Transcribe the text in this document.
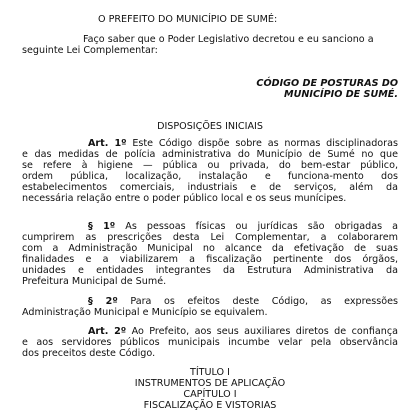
O PREFEITO DO MUNICÍPIO DE SUMÉ:
Faço saber que o Poder Legislativo decretou e eu sanciono a
seguinte Lei Complementar:
CÓDIGO DE POSTURAS DO
MUNICÍPIO DE SUMÉ.
DISPOSIÇÕES INICIAIS
Art. 1º Este Código dispõe sobre as normas disciplinadoras
e das medidas de polícia administrativa do Município de Sumé no que
se refere à higiene — pública ou privada, do bem-estar público,
ordem pública, localização, instalação e funciona-mento dos
estabelecimentos comerciais, industriais e de serviços, além da
necessária relação entre o poder público local e os seus munícipes.
§ 1º As pessoas físicas ou jurídicas são obrigadas a
cumprirem as prescrições desta Lei Complementar, a colaborarem
com a Administração Municipal no alcance da efetivação de suas
finalidades e a viabilizarem a fiscalização pertinente dos órgãos,
unidades e entidades integrantes da Estrutura Administrativa da
Prefeitura Municipal de Sumé.
§ 2º Para os efeitos deste Código, as expressões
Administração Municipal e Município se equivalem.
Art. 2º Ao Prefeito, aos seus auxiliares diretos de confiança
e aos servidores públicos municipais incumbe velar pela observância
dos preceitos deste Código.
TÍTULO I
INSTRUMENTOS DE APLICAÇÃO
CAPÍTULO I
FISCALIZAÇÃO E VISTORIAS
